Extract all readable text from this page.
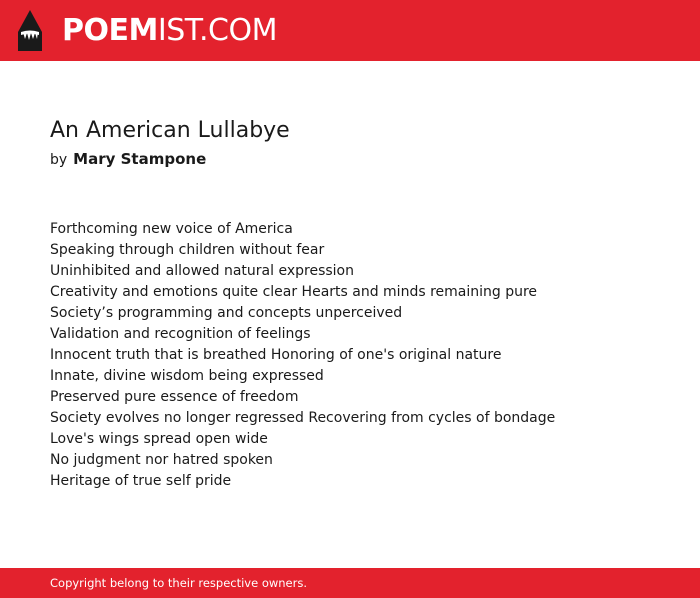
POEMIST.COM
An American Lullabye
by Mary Stampone
Forthcoming new voice of America
Speaking through children without fear
Uninhibited and allowed natural expression
Creativity and emotions quite clear Hearts and minds remaining pure
Society’s programming and concepts unperceived
Validation and recognition of feelings
Innocent truth that is breathed Honoring of one's original nature
Innate, divine wisdom being expressed
Preserved pure essence of freedom
Society evolves no longer regressed Recovering from cycles of bondage
Love's wings spread open wide
No judgment nor hatred spoken
Heritage of true self pride
Copyright belong to their respective owners.
